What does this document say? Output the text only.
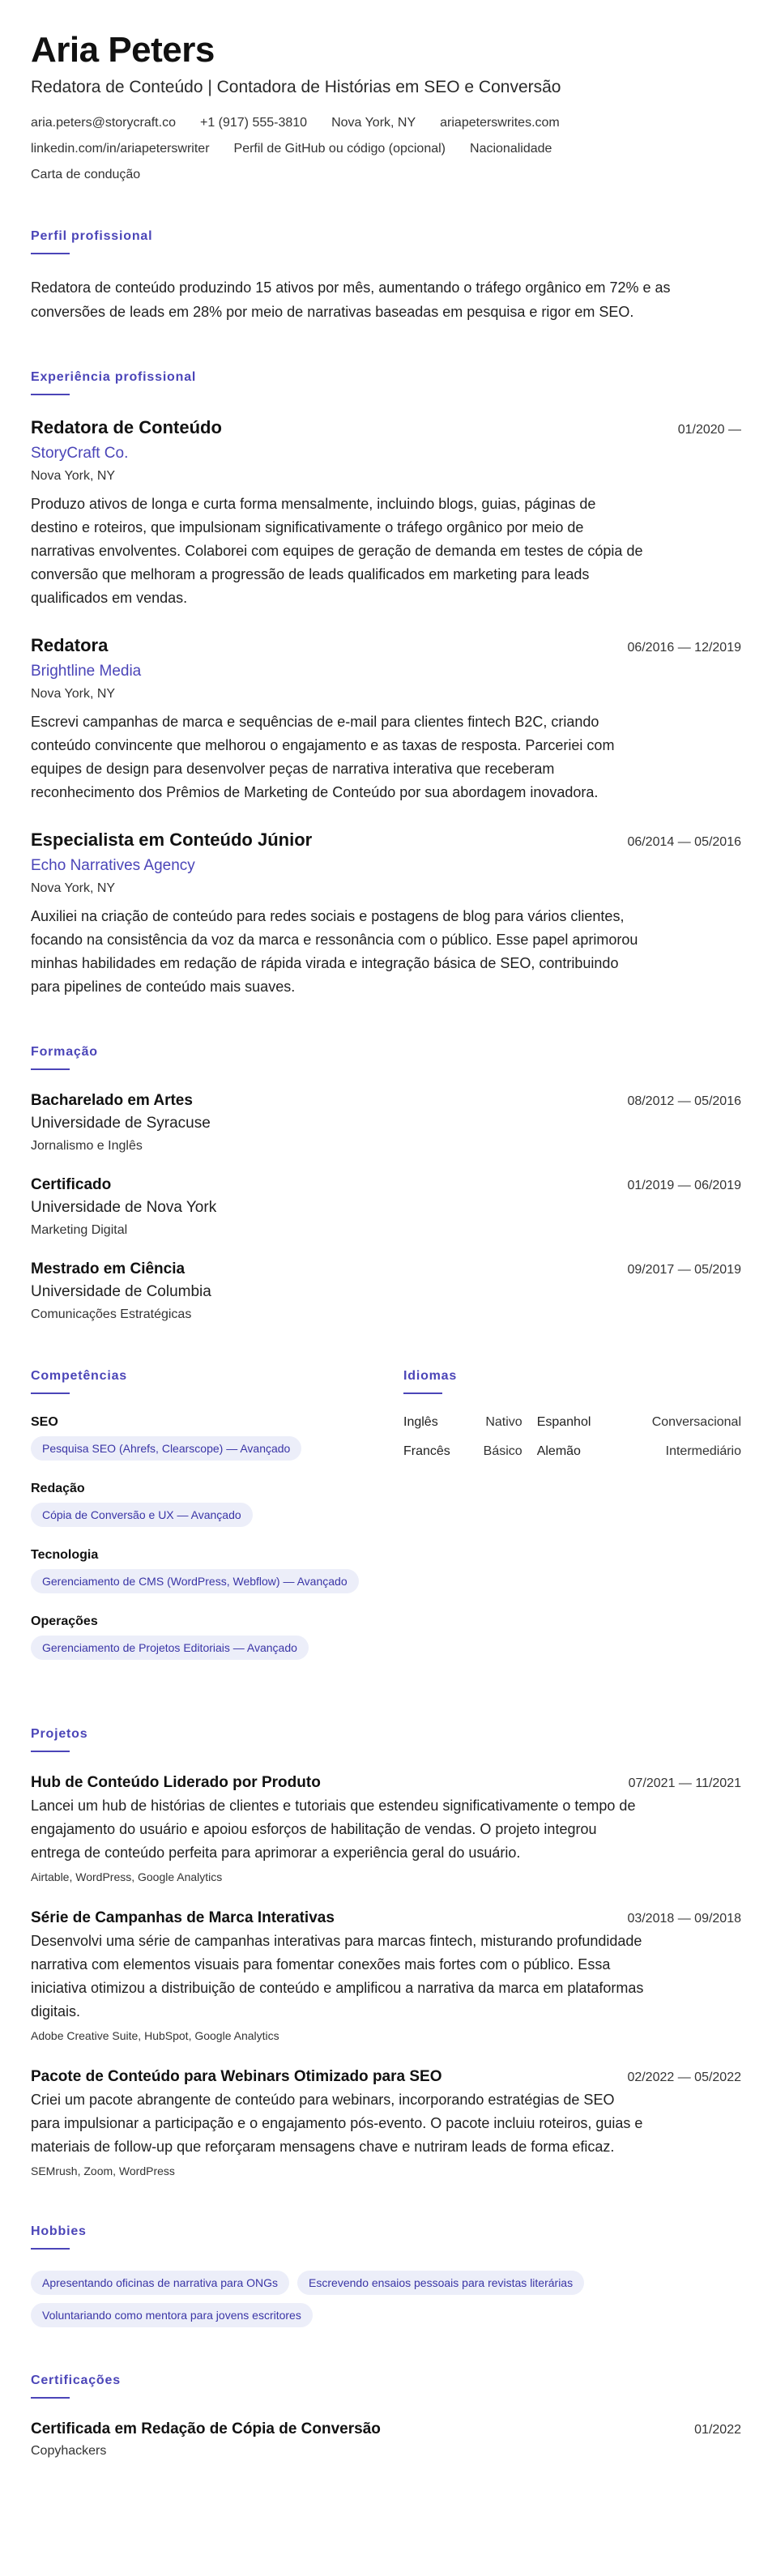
Aria Peters
Redatora de Conteúdo | Contadora de Histórias em SEO e Conversão
aria.peters@storycraft.co +1 (917) 555-3810 Nova York, NY ariapeterswrites.com
linkedin.com/in/ariapeterswriter Perfil de GitHub ou código (opcional) Nacionalidade
Carta de condução
Perfil profissional

Redatora de conteúdo produzindo 15 ativos por mês, aumentando o tráfego orgânico em 72% e as conversões de leads em 28% por meio de narrativas baseadas em pesquisa e rigor em SEO.

Experiência profissional
Redatora de Conteúdo	01/2020 —
StoryCraft Co.
Nova York, NY

Produzo ativos de longa e curta forma mensalmente, incluindo blogs, guias, páginas de destino e roteiros, que impulsionam significativamente o tráfego orgânico por meio de narrativas envolventes. Colaborei com equipes de geração de demanda em testes de cópia de conversão que melhoram a progressão de leads qualificados em marketing para leads qualificados em vendas.

Redatora	06/2016 — 12/2019
Brightline Media
Nova York, NY

Escrevi campanhas de marca e sequências de e-mail para clientes fintech B2C, criando conteúdo convincente que melhorou o engajamento e as taxas de resposta. Parceriei com equipes de design para desenvolver peças de narrativa interativa que receberam reconhecimento dos Prêmios de Marketing de Conteúdo por sua abordagem inovadora.

Especialista em Conteúdo Júnior	06/2014 — 05/2016
Echo Narratives Agency
Nova York, NY

Auxiliei na criação de conteúdo para redes sociais e postagens de blog para vários clientes, focando na consistência da voz da marca e ressonância com o público. Esse papel aprimorou minhas habilidades em redação de rápida virada e integração básica de SEO, contribuindo para pipelines de conteúdo mais suaves.

Formação
Bacharelado em Artes	08/2012 — 05/2016
Universidade de Syracuse
Jornalismo e Inglês
Certificado	01/2019 — 06/2019
Universidade de Nova York
Marketing Digital
Mestrado em Ciência	09/2017 — 05/2019
Universidade de Columbia
Comunicações Estratégicas
Competências
SEO
Pesquisa SEO (Ahrefs, Clearscope) — Avançado
Redação
Cópia de Conversão e UX — Avançado
Tecnologia
Gerenciamento de CMS (WordPress, Webflow) — Avançado
Operações
Gerenciamento de Projetos Editoriais — Avançado
Idiomas
Inglês	Nativo	Espanhol	Conversacional
Francês	Básico	Alemão	Intermediário
Projetos
Hub de Conteúdo Liderado por Produto	07/2021 — 11/2021

Lancei um hub de histórias de clientes e tutoriais que estendeu significativamente o tempo de engajamento do usuário e apoiou esforços de habilitação de vendas. O projeto integrou entrega de conteúdo perfeita para aprimorar a experiência geral do usuário.

Airtable, WordPress, Google Analytics
Série de Campanhas de Marca Interativas	03/2018 — 09/2018

Desenvolvi uma série de campanhas interativas para marcas fintech, misturando profundidade narrativa com elementos visuais para fomentar conexões mais fortes com o público. Essa iniciativa otimizou a distribuição de conteúdo e amplificou a narrativa da marca em plataformas digitais.

Adobe Creative Suite, HubSpot, Google Analytics
Pacote de Conteúdo para Webinars Otimizado para SEO	02/2022 — 05/2022

Criei um pacote abrangente de conteúdo para webinars, incorporando estratégias de SEO para impulsionar a participação e o engajamento pós-evento. O pacote incluiu roteiros, guias e materiais de follow-up que reforçaram mensagens chave e nutriram leads de forma eficaz.

SEMrush, Zoom, WordPress
Hobbies
Apresentando oficinas de narrativa para ONGs	Escrevendo ensaios pessoais para revistas literárias
Voluntariando como mentora para jovens escritores
Certificações
Certificada em Redação de Cópia de Conversão	01/2022
Copyhackers
